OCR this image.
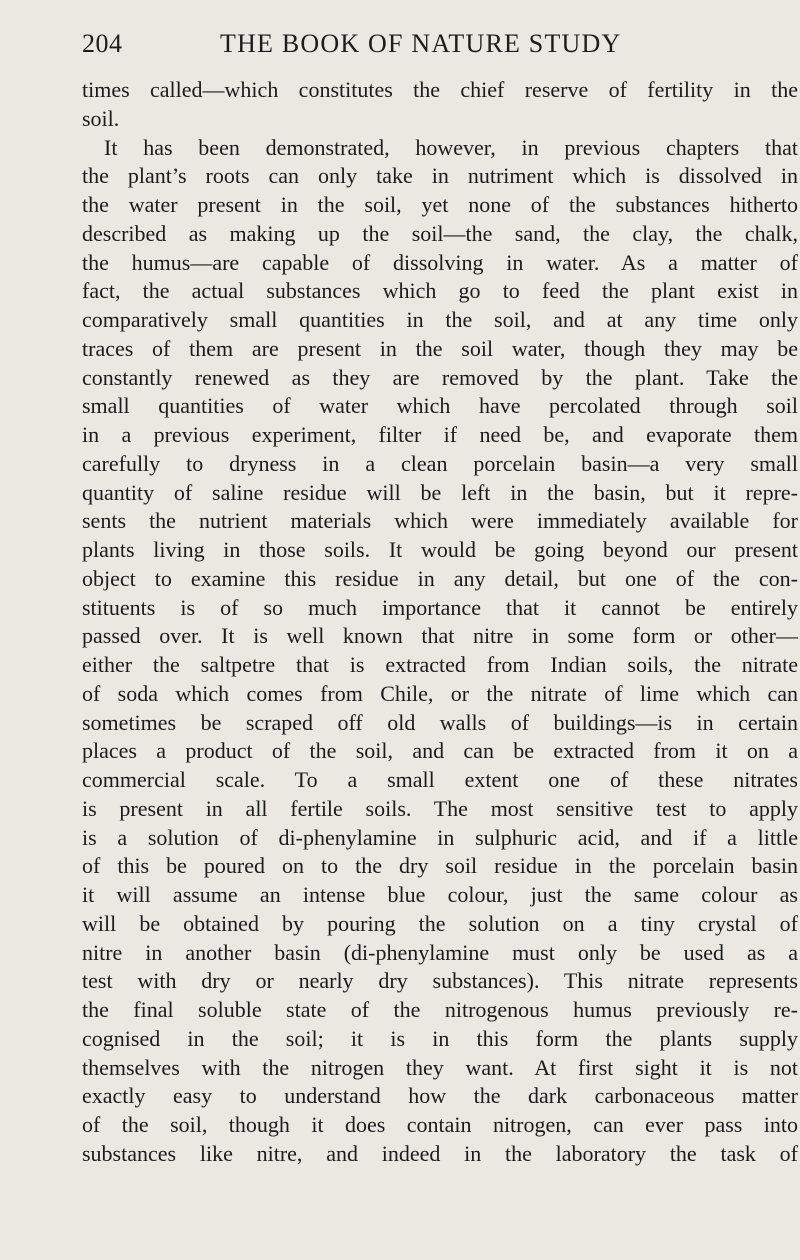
204	THE BOOK OF NATURE STUDY
times called—which constitutes the chief reserve of fertility in the
soil.
It has been demonstrated, however, in previous chapters that
the plant’s roots can only take in nutriment which is dissolved in
the water present in the soil, yet none of the substances hitherto
described as making up the soil—the sand, the clay, the chalk,
the humus—are capable of dissolving in water. As a matter of
fact, the actual substances which go to feed the plant exist in
comparatively small quantities in the soil, and at any time only
traces of them are present in the soil water, though they may be
constantly renewed as they are removed by the plant. Take the
small quantities of water which have percolated through soil
in a previous experiment, filter if need be, and evaporate them
carefully to dryness in a clean porcelain basin—a very small
quantity of saline residue will be left in the basin, but it repre-
sents the nutrient materials which were immediately available for
plants living in those soils. It would be going beyond our present
object to examine this residue in any detail, but one of the con-
stituents is of so much importance that it cannot be entirely
passed over. It is well known that nitre in some form or other—
either the saltpetre that is extracted from Indian soils, the nitrate
of soda which comes from Chile, or the nitrate of lime which can
sometimes be scraped off old walls of buildings—is in certain
places a product of the soil, and can be extracted from it on a
commercial scale. To a small extent one of these nitrates
is present in all fertile soils. The most sensitive test to apply
is a solution of di-phenylamine in sulphuric acid, and if a little
of this be poured on to the dry soil residue in the porcelain basin
it will assume an intense blue colour, just the same colour as
will be obtained by pouring the solution on a tiny crystal of
nitre in another basin (di-phenylamine must only be used as a
test with dry or nearly dry substances). This nitrate represents
the final soluble state of the nitrogenous humus previously re-
cognised in the soil; it is in this form the plants supply
themselves with the nitrogen they want. At first sight it is not
exactly easy to understand how the dark carbonaceous matter
of the soil, though it does contain nitrogen, can ever pass into
substances like nitre, and indeed in the laboratory the task of
